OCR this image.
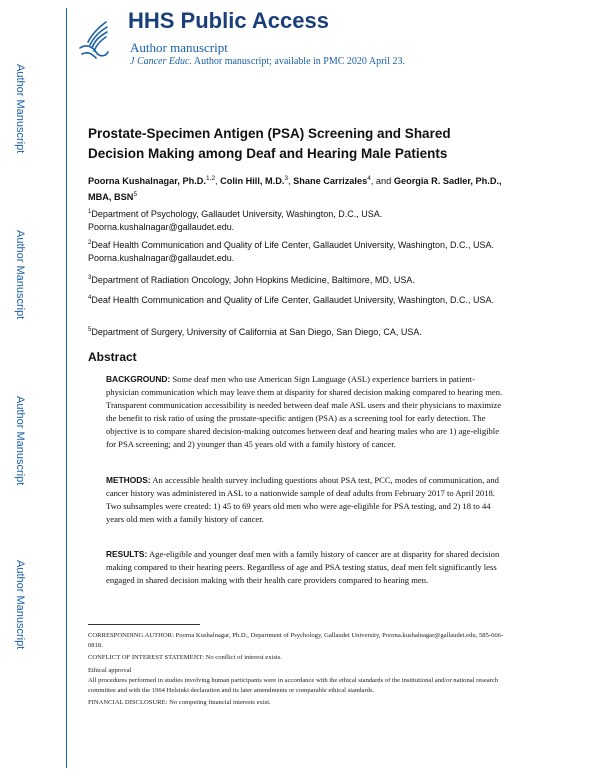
Author Manuscript
Author Manuscript
Author Manuscript
Author Manuscript
HHS Public Access
Author manuscript
J Cancer Educ. Author manuscript; available in PMC 2020 April 23.
Prostate-Specimen Antigen (PSA) Screening and Shared Decision Making among Deaf and Hearing Male Patients
Poorna Kushalnagar, Ph.D.$^{1,2}$, Colin Hill, M.D.$^3$, Shane Carrizales$^4$, and Georgia R. Sadler, Ph.D., MBA, BSN$^5$
$^1$Department of Psychology, Gallaudet University, Washington, D.C., USA. Poorna.kushalnagar@gallaudet.edu.
$^2$Deaf Health Communication and Quality of Life Center, Gallaudet University, Washington, D.C., USA. Poorna.kushalnagar@gallaudet.edu.
$^3$Department of Radiation Oncology, John Hopkins Medicine, Baltimore, MD, USA.
$^4$Deaf Health Communication and Quality of Life Center, Gallaudet University, Washington, D.C., USA.
$^5$Department of Surgery, University of California at San Diego, San Diego, CA, USA.
Abstract
BACKGROUND: Some deaf men who use American Sign Language (ASL) experience barriers in patient-physician communication which may leave them at disparity for shared decision making compared to hearing men. Transparent communication accessibility is needed between deaf male ASL users and their physicians to maximize the benefit to risk ratio of using the prostate-specific antigen (PSA) as a screening tool for early detection. The objective is to compare shared decision-making outcomes between deaf and hearing males who are 1) age-eligible for PSA screening; and 2) younger than 45 years old with a family history of cancer.
METHODS: An accessible health survey including questions about PSA test, PCC, modes of communication, and cancer history was administered in ASL to a nationwide sample of deaf adults from February 2017 to April 2018. Two subsamples were created: 1) 45 to 69 years old men who were age-eligible for PSA testing, and 2) 18 to 44 years old men with a family history of cancer.
RESULTS: Age-eligible and younger deaf men with a family history of cancer are at disparity for shared decision making compared to their hearing peers. Regardless of age and PSA testing status, deaf men felt significantly less engaged in shared decision making with their health care providers compared to hearing men.
CORRESPONDING AUTHOR: Poorna Kushalnagar, Ph.D., Department of Psychology, Gallaudet University, Poorna.kushalnagar@gallaudet.edu, 585-666-0818.
CONFLICT OF INTEREST STATEMENT: No conflict of interest exists.
Ethical approval
All procedures performed in studies involving human participants were in accordance with the ethical standards of the institutional and/or national research committee and with the 1964 Helsinki declaration and its later amendments or comparable ethical standards.
FINANCIAL DISCLOSURE: No competing financial interests exist.
